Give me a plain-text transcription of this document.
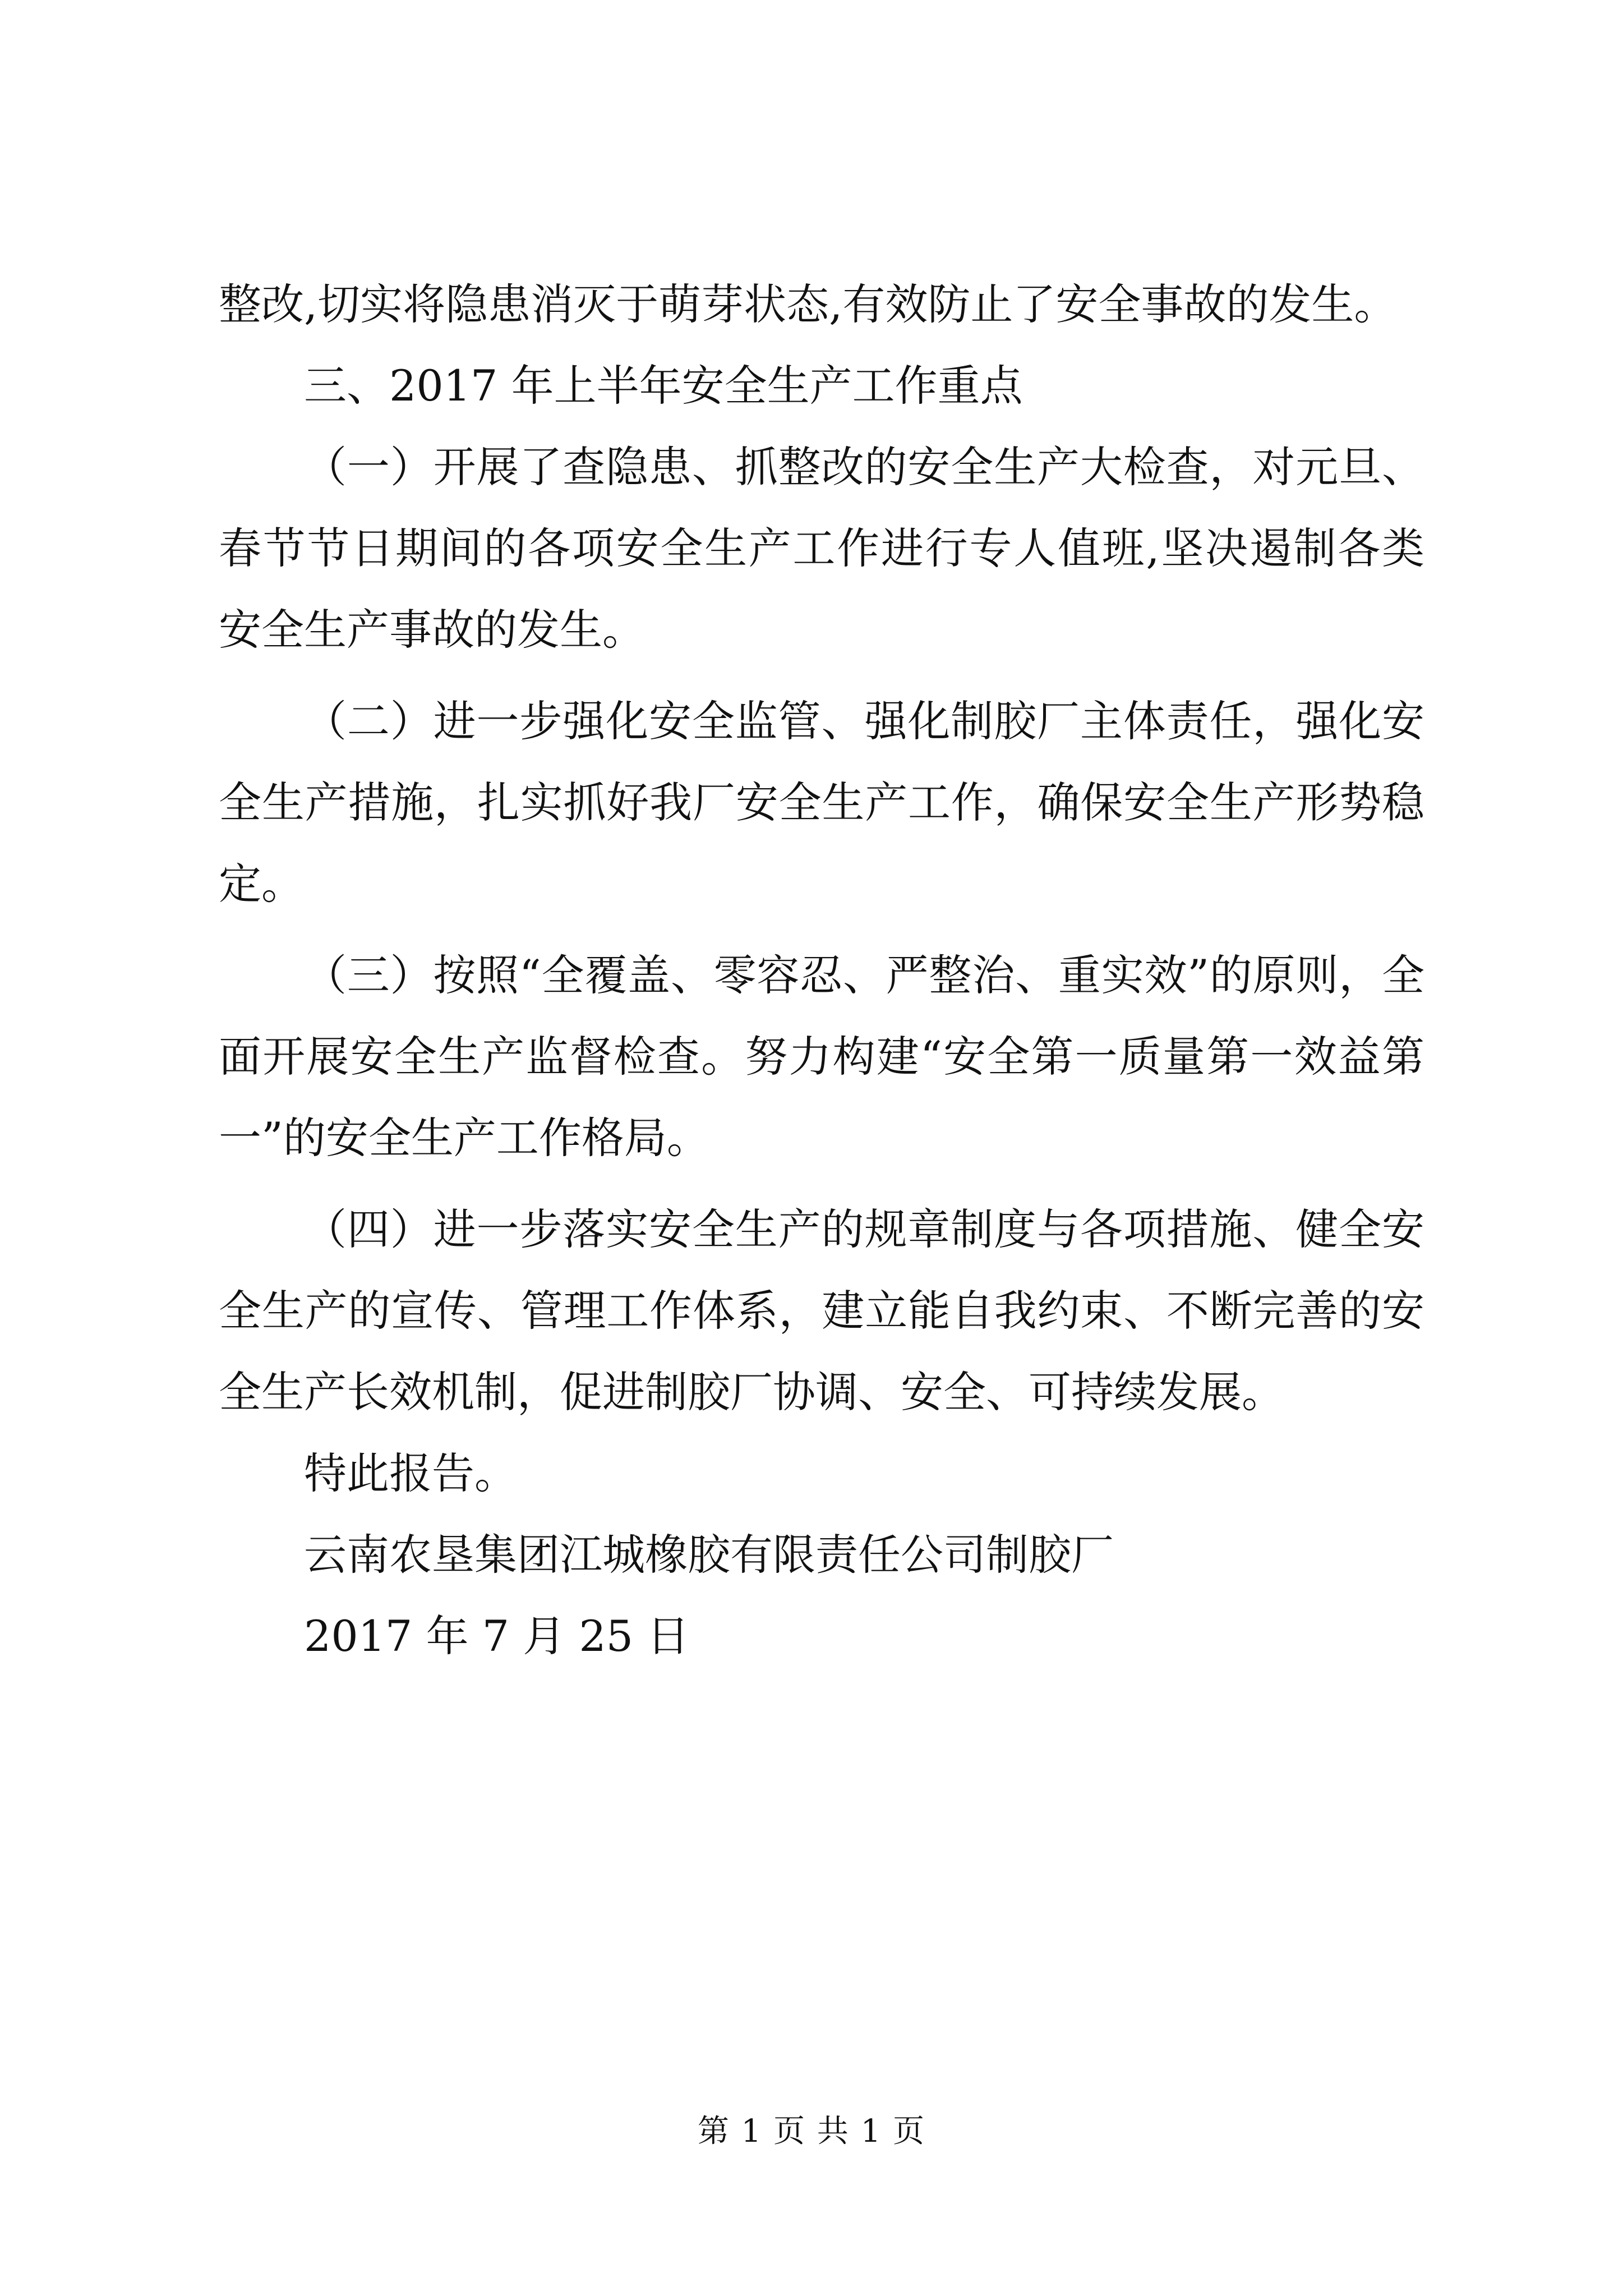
整改,切实将隐患消灭于萌芽状态,有效防止了安全事故的发生。

三、2017 年上半年安全生产工作重点

（一）开展了查隐患、抓整改的安全生产大检查，对元旦、春节节日期间的各项安全生产工作进行专人值班,坚决遏制各类安全生产事故的发生。

（二）进一步强化安全监管、强化制胶厂主体责任，强化安全生产措施，扎实抓好我厂安全生产工作，确保安全生产形势稳定。

（三）按照“全覆盖、零容忍、严整治、重实效”的原则，全面开展安全生产监督检查。努力构建“安全第一质量第一效益第一”的安全生产工作格局。

（四）进一步落实安全生产的规章制度与各项措施、健全安全生产的宣传、管理工作体系，建立能自我约束、不断完善的安全生产长效机制，促进制胶厂协调、安全、可持续发展。

特此报告。

云南农垦集团江城橡胶有限责任公司制胶厂

2017 年 7 月 25 日

第 1 页 共 1 页
